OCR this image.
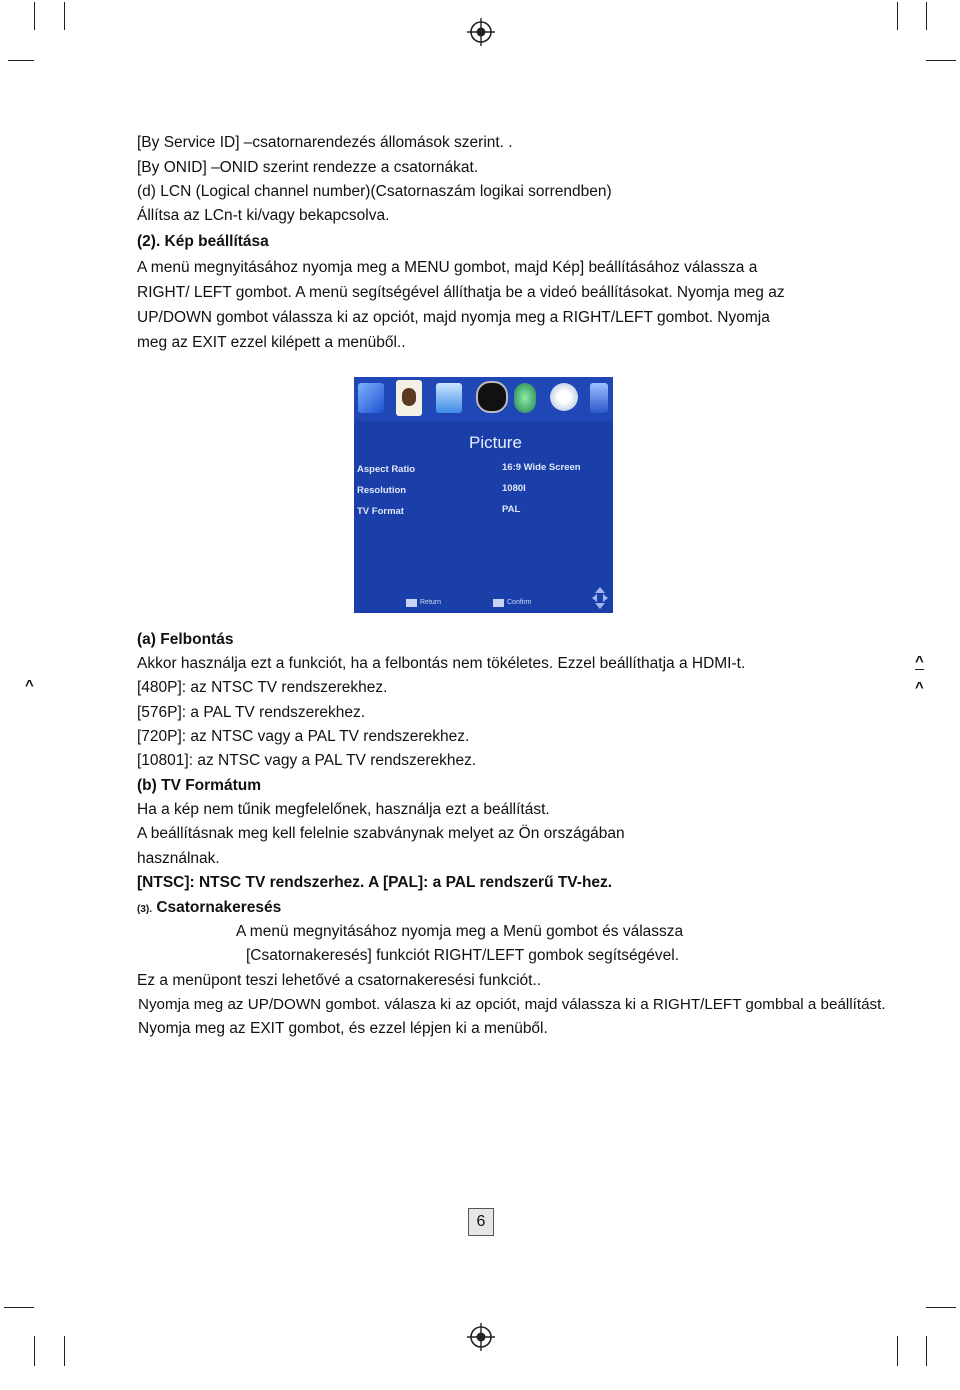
[By Service ID] –csatornarendezés állomások szerint. .
[By ONID] –ONID szerint rendezze a csatornákat.
(d) LCN (Logical channel number)(Csatornaszám logikai sorrendben)
Állítsa az LCn-t ki/vagy bekapcsolva.
(2). Kép beállítása
A menü megnyitásához nyomja meg a MENU gombot, majd Kép] beállításához válassza a
RIGHT/ LEFT gombot. A menü segítségével állíthatja be a videó beállításokat. Nyomja meg az
UP/DOWN gombot válassza ki az opciót, majd nyomja meg a RIGHT/LEFT gombot. Nyomja
meg az EXIT ezzel kilépett a menüből..
Picture
Aspect Ratio	16:9 Wide Screen
Resolution	1080I
TV Format	PAL
Return	Confirm
(a) Felbontás
Akkor használja ezt a funkciót, ha a felbontás nem tökéletes. Ezzel beállíthatja a HDMI-t.
[480P]: az NTSC TV rendszerekhez.
[576P]: a PAL TV rendszerekhez.
[720P]: az NTSC vagy a PAL TV rendszerekhez.
[10801]: az NTSC vagy a PAL TV rendszerekhez.
(b) TV Formátum
Ha a kép nem tűnik megfelelőnek, használja ezt a beállítást.
A beállításnak meg kell felelnie szabványnak melyet az Ön országában
használnak.
[NTSC]: NTSC TV rendszerhez. A [PAL]: a PAL rendszerű TV-hez.
(3). Csatornakeresés
A menü megnyitásához nyomja meg a Menü gombot és válassza
[Csatornakeresés] funkciót RIGHT/LEFT gombok segítségével.
Ez a menüpont teszi lehetővé a csatornakeresési funkciót..
Nyomja meg az UP/DOWN gombot. válasza ki az opciót, majd válassza ki a RIGHT/LEFT gombbal a beállítást.
Nyomja meg az EXIT gombot, és ezzel lépjen ki a menüből.
^
^
^
6
